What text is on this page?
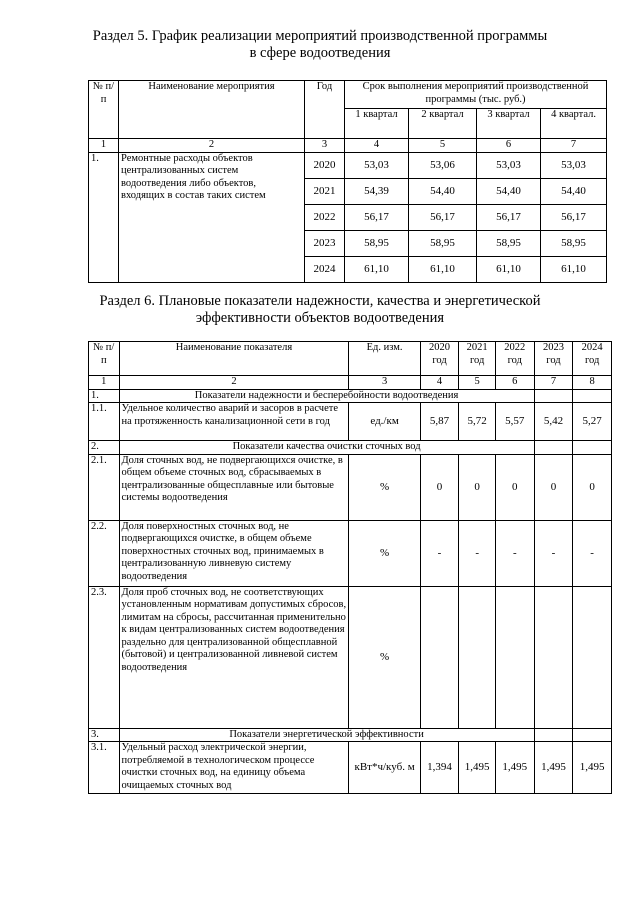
Раздел 5. График реализации мероприятий производственной программы
в сфере водоотведения
№ п/п	Наименование мероприятия	Год	Срок выполнения мероприятий производственной программы (тыс. руб.)			
			1 квартал	2 квартал	3 квартал	4 квартал.
1	2	3	4	5	6	7
1.	Ремонтные расходы объектов централизованных систем водоотведения либо объектов, входящих в состав таких систем	2020	53,03	53,06	53,03	53,03
		2021	54,39	54,40	54,40	54,40
		2022	56,17	56,17	56,17	56,17
		2023	58,95	58,95	58,95	58,95
		2024	61,10	61,10	61,10	61,10
Раздел 6. Плановые показатели надежности, качества и энергетической
эффективности объектов водоотведения
№ п/п	Наименование показателя	Ед. изм.	2020 год	2021 год	2022 год	2023 год	2024 год
1	2	3	4	5	6	7	8
1.	Показатели надежности и бесперебойности водоотведения						
1.1.	Удельное количество аварий и засоров в расчете на протяженность канализационной сети в год	ед./км	5,87	5,72	5,57	5,42	5,27
2.	Показатели качества очистки сточных вод						
2.1.	Доля сточных вод, не подвергающихся очистке, в общем объеме сточных вод, сбрасываемых в централизованные общесплавные или бытовые системы водоотведения	%	0	0	0	0	0
2.2.	Доля поверхностных сточных вод, не подвергающихся очистке, в общем объеме поверхностных сточных вод, принимаемых в централизованную ливневую систему водоотведения	%	-	-	-	-	-
2.3.	Доля проб сточных вод, не соответствующих установленным нормативам допустимых сбросов, лимитам на сбросы, рассчитанная применительно к видам централизованных систем водоотведения раздельно для централизованной общесплавной (бытовой) и централизованной ливневой систем водоотведения	%					
3.	Показатели энергетической эффективности						
3.1.	Удельный расход электрической энергии, потребляемой в технологическом процессе очистки сточных вод, на единицу объема очищаемых сточных вод	кВт*ч/куб. м	1,394	1,495	1,495	1,495	1,495
